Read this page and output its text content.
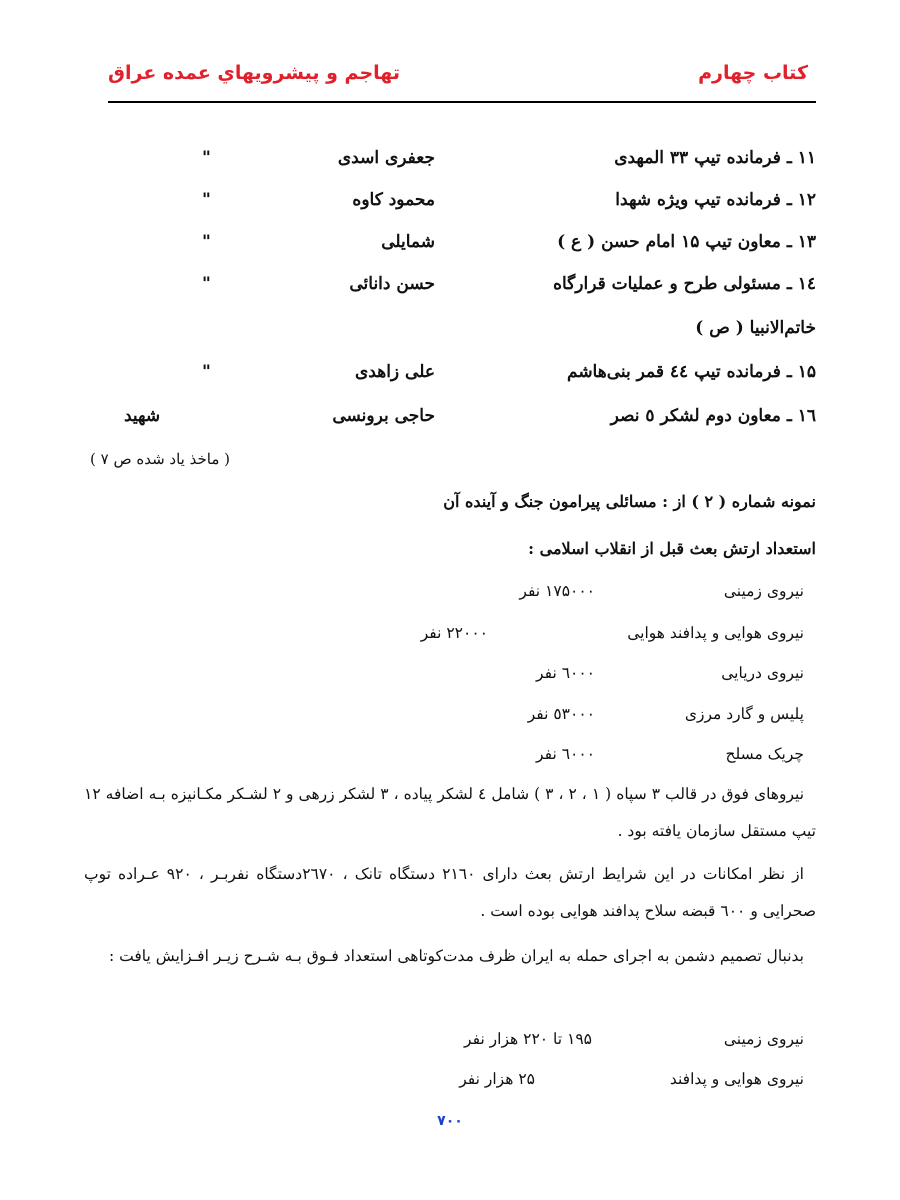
كتاب چهارم
تهاجم و پيشرويهاي عمده عراق
۱۱ ـ فرمانده تیپ ۳۳ المهدی
جعفری اسدی
"
۱۲ ـ فرمانده تیپ ویژه شهدا
محمود کاوه
"
۱۳ ـ معاون تیپ ۱۵ امام حسن ( ع )
شمایلی
"
۱٤ ـ مسئولی طرح و عملیات قرارگاه
حسن دانائی
"
خاتم‌الانبیا ( ص )
۱۵ ـ فرمانده تیپ ٤٤ قمر بنی‌هاشم
علی زاهدی
"
۱٦ ـ معاون دوم لشکر ٥ نصر
حاجی برونسی
شهید
( ماخذ یاد شده ص ۷ )
نمونه شماره ( ۲ ) از : مسائلی پیرامون جنگ و آینده آن
استعداد ارتش بعث قبل از انقلاب اسلامی :
نیروی زمینی
۱۷۵۰۰۰ نفر
نیروی هوایی و پدافند هوایی
۲۲۰۰۰ نفر
نیروی دریایی
٦۰۰۰ نفر
پلیس و گارد مرزی
٥۳۰۰۰ نفر
چریک مسلح
٦۰۰۰ نفر
نیروهای فوق در قالب ۳ سپاه ( ۱ ، ۲ ، ۳ ) شامل ٤ لشکر پیاده ، ۳ لشکر زرهی و ۲ لشـکر مکـانیزه بـه اضافه ۱۲ تیپ مستقل سازمان یافته بود .
از نظر امکانات در این شرایط ارتش بعث دارای ۲۱٦۰ دستگاه تانک ، ۲٦۷۰دستگاه نفربـر ، ۹۲۰ عـراده توپ صحرایی و ٦۰۰ قبضه سلاح پدافند هوایی بوده است .
بدنبال تصمیم دشمن به اجرای حمله به ایران ظرف مدت‌کوتاهی استعداد فـوق بـه شـرح زیـر افـزایش یافت :
نیروی زمینی
۱۹۵ تا ۲۲۰ هزار نفر
نیروی هوایی و پدافند
۲۵ هزار نفر
۷۰۰
